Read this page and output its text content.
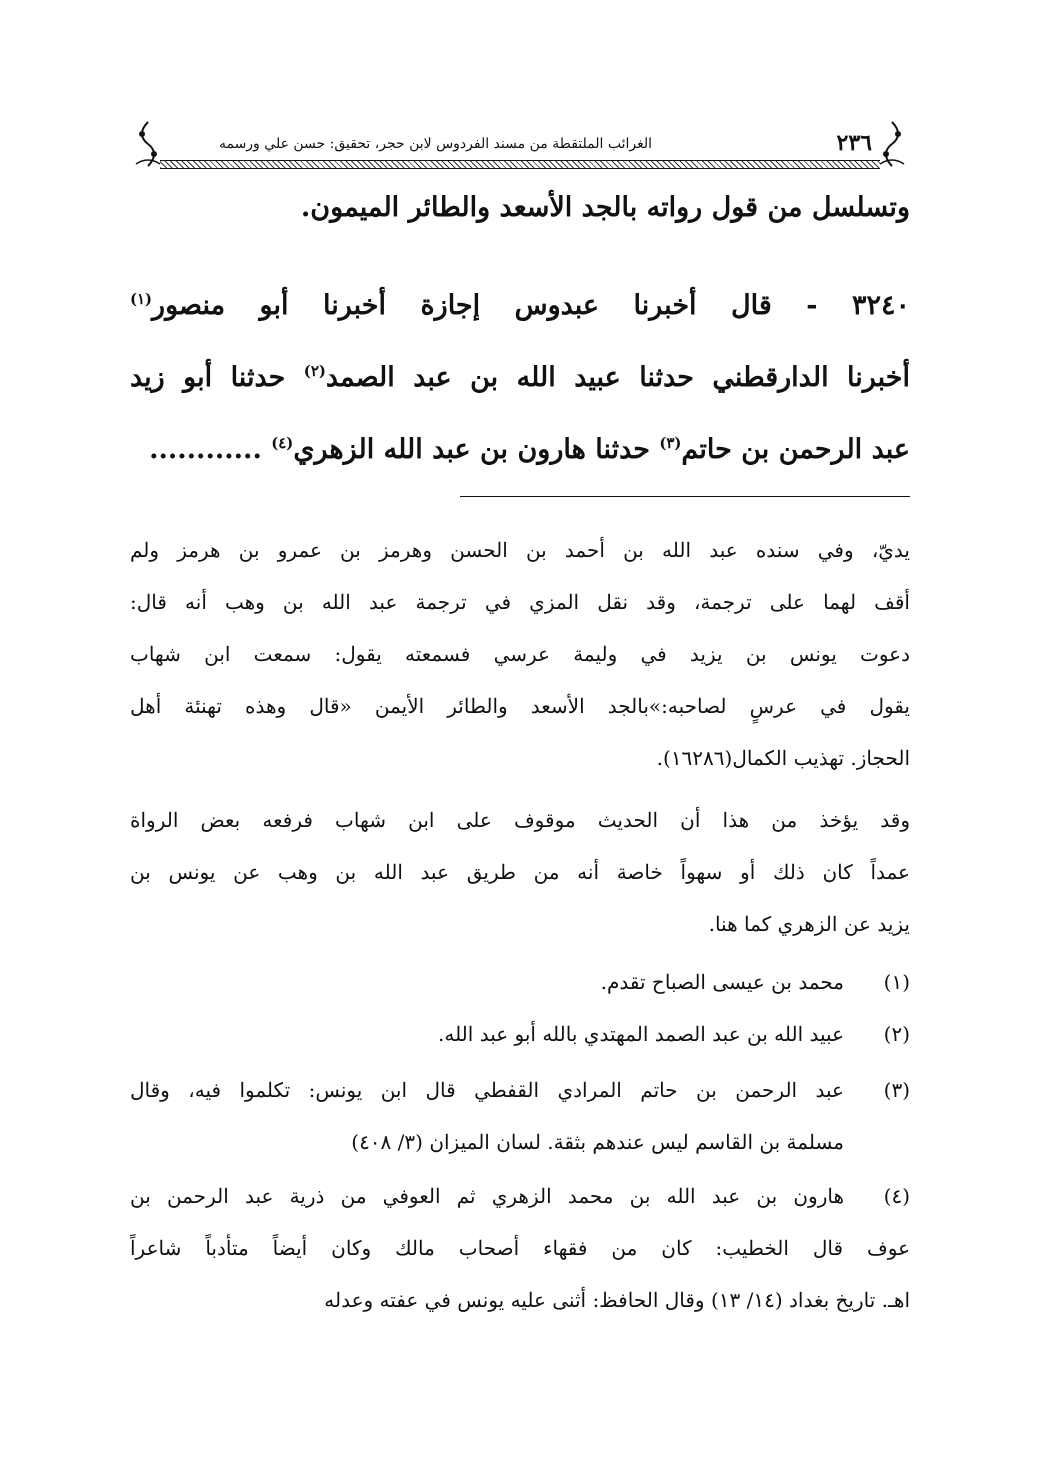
الغرائب الملتقطة من مسند الفردوس لابن حجر، تحقيق: حسن علي ورسمه	٢٣٦
وتسلسل من قول رواته بالجد الأسعد والطائر الميمون.
٣٢٤٠ - قال أخبرنا عبدوس إجازة أخبرنا أبو منصور$^{(١)}$
أخبرنا الدارقطني حدثنا عبيد الله بن عبد الصمد$^{(٢)}$ حدثنا أبو زيد
عبد الرحمن بن حاتم$^{(٣)}$ حدثنا هارون بن عبد الله الزهري$^{(٤)}$ ............
يديّ، وفي سنده عبد الله بن أحمد بن الحسن وهرمز بن عمرو بن هرمز ولم
أقف لهما على ترجمة، وقد نقل المزي في ترجمة عبد الله بن وهب أنه قال:
دعوت يونس بن يزيد في وليمة عرسي فسمعته يقول: سمعت ابن شهاب
يقول في عرسٍ لصاحبه:»بالجد الأسعد والطائر الأيمن «قال وهذه تهنئة أهل
الحجاز. تهذيب الكمال(١٦٢٨٦).
وقد يؤخذ من هذا أن الحديث موقوف على ابن شهاب فرفعه بعض الرواة
عمداً كان ذلك أو سهواً خاصة أنه من طريق عبد الله بن وهب عن يونس بن
يزيد عن الزهري كما هنا.
(١)
محمد بن عيسى الصباح تقدم.
(٢)
عبيد الله بن عبد الصمد المهتدي بالله أبو عبد الله.
(٣)
عبد الرحمن بن حاتم المرادي القفطي قال ابن يونس: تكلموا فيه، وقال
مسلمة بن القاسم ليس عندهم بثقة. لسان الميزان (٣/ ٤٠٨)
(٤)
هارون بن عبد الله بن محمد الزهري ثم العوفي من ذرية عبد الرحمن بن
عوف قال الخطيب: كان من فقهاء أصحاب مالك وكان أيضاً متأدباً شاعراً
اهـ. تاريخ بغداد (١٤/ ١٣) وقال الحافظ: أثنى عليه يونس في عفته وعدله
